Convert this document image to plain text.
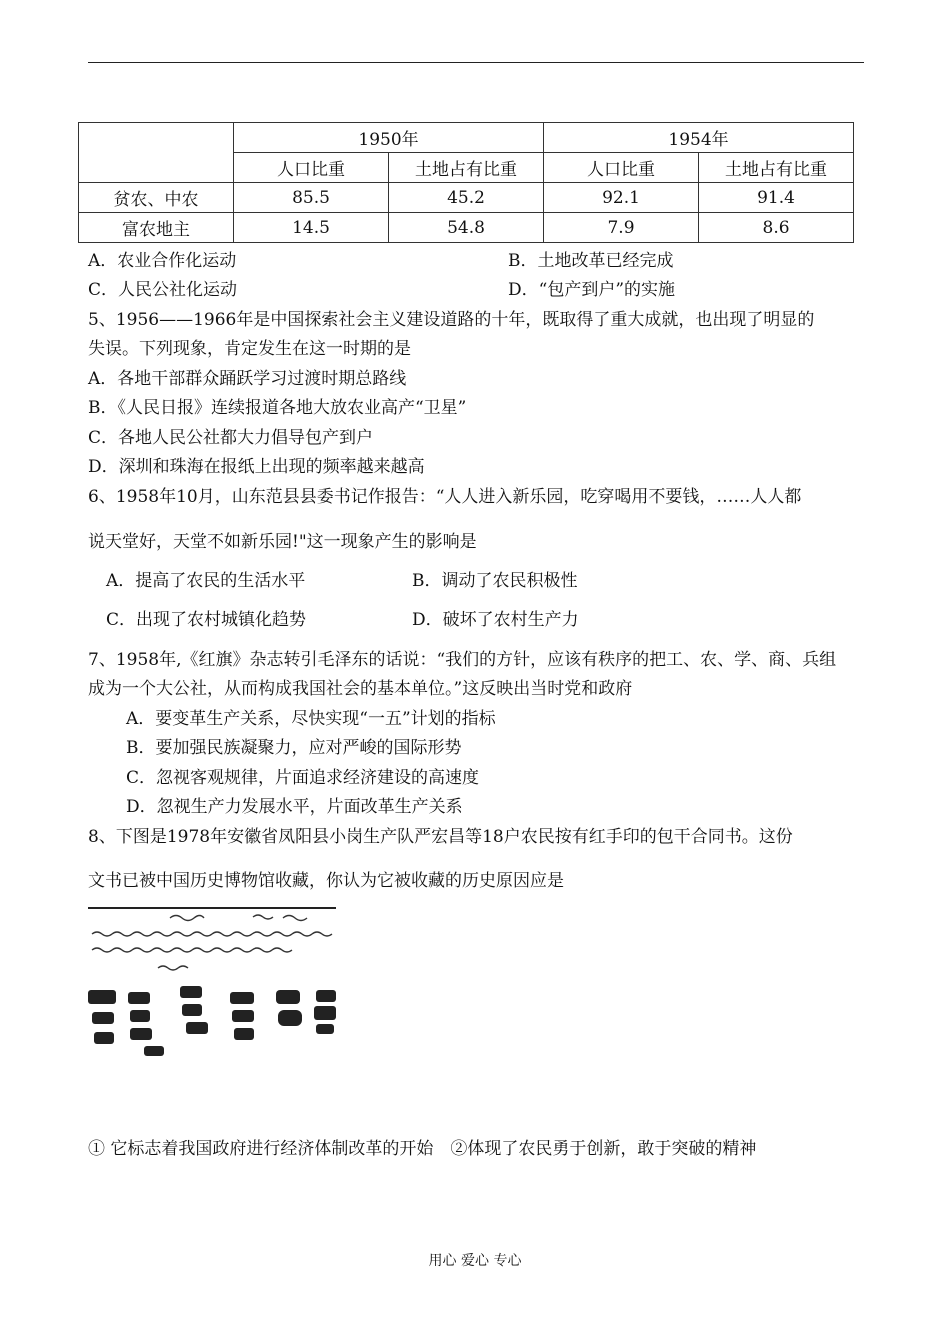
	1950年		1954年	
	人口比重	土地占有比重	人口比重	土地占有比重
贫农、中农	85.5	45.2	92.1	91.4
富农地主	14.5	54.8	7.9	8.6
A．农业合作化运动	B．土地改革已经完成
C．人民公社化运动	D．“包产到户”的实施
5、1956——1966年是中国探索社会主义建设道路的十年，既取得了重大成就，也出现了明显的
失误。下列现象，肯定发生在这一时期的是
A．各地干部群众踊跃学习过渡时期总路线
B．《人民日报》连续报道各地大放农业高产“卫星”
C．各地人民公社都大力倡导包产到户
D．深圳和珠海在报纸上出现的频率越来越高
6、1958年10月，山东范县县委书记作报告：“人人进入新乐园，吃穿喝用不要钱，……人人都
说天堂好，天堂不如新乐园!"这一现象产生的影响是
A．提高了农民的生活水平	B．调动了农民积极性
C．出现了农村城镇化趋势	D．破坏了农村生产力
7、1958年,《红旗》杂志转引毛泽东的话说：“我们的方针，应该有秩序的把工、农、学、商、兵组
成为一个大公社，从而构成我国社会的基本单位。”这反映出当时党和政府
A．要变革生产关系，尽快实现“一五”计划的指标
B．要加强民族凝聚力，应对严峻的国际形势
C．忽视客观规律，片面追求经济建设的高速度
D．忽视生产力发展水平，片面改革生产关系
8、下图是1978年安徽省凤阳县小岗生产队严宏昌等18户农民按有红手印的包干合同书。这份
文书已被中国历史博物馆收藏，你认为它被收藏的历史原因应是
① 它标志着我国政府进行经济体制改革的开始　②体现了农民勇于创新，敢于突破的精神
用心 爱心 专心
